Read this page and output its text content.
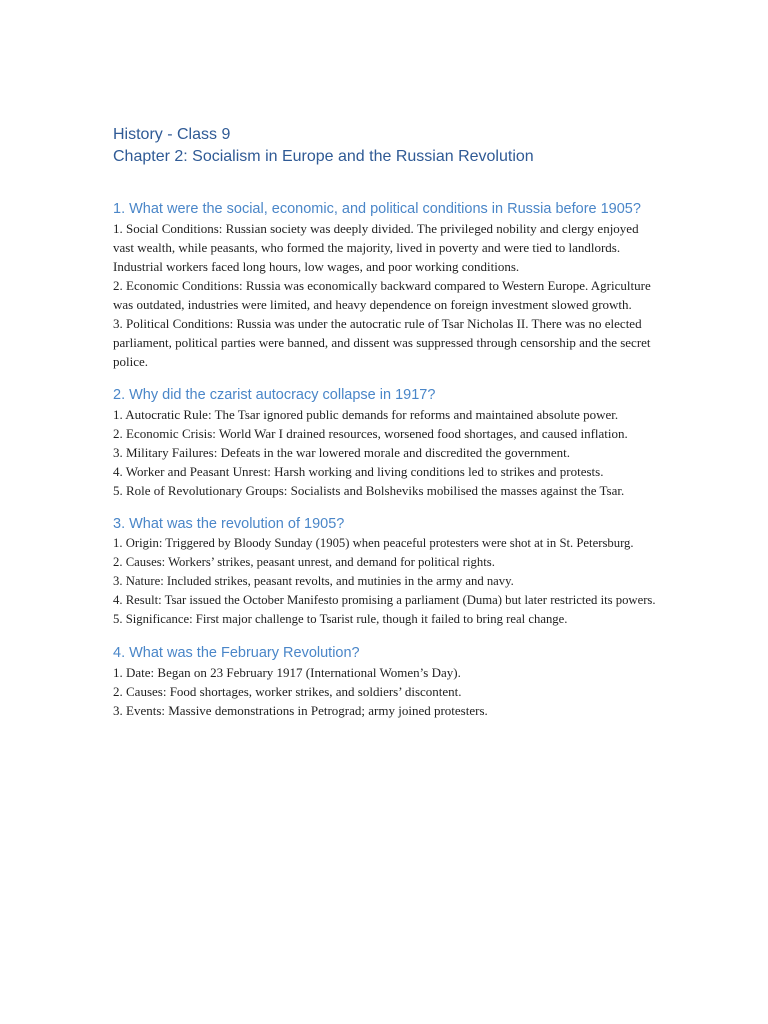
History - Class 9
Chapter 2: Socialism in Europe and the Russian Revolution
1. What were the social, economic, and political conditions in Russia before 1905?
1. Social Conditions: Russian society was deeply divided. The privileged nobility and clergy enjoyed vast wealth, while peasants, who formed the majority, lived in poverty and were tied to landlords. Industrial workers faced long hours, low wages, and poor working conditions.
2. Economic Conditions: Russia was economically backward compared to Western Europe. Agriculture was outdated, industries were limited, and heavy dependence on foreign investment slowed growth.
3. Political Conditions: Russia was under the autocratic rule of Tsar Nicholas II. There was no elected parliament, political parties were banned, and dissent was suppressed through censorship and the secret police.
2. Why did the czarist autocracy collapse in 1917?
1. Autocratic Rule: The Tsar ignored public demands for reforms and maintained absolute power.
2. Economic Crisis: World War I drained resources, worsened food shortages, and caused inflation.
3. Military Failures: Defeats in the war lowered morale and discredited the government.
4. Worker and Peasant Unrest: Harsh working and living conditions led to strikes and protests.
5. Role of Revolutionary Groups: Socialists and Bolsheviks mobilised the masses against the Tsar.
3. What was the revolution of 1905?
1. Origin: Triggered by Bloody Sunday (1905) when peaceful protesters were shot at in St. Petersburg.
2. Causes: Workers’ strikes, peasant unrest, and demand for political rights.
3. Nature: Included strikes, peasant revolts, and mutinies in the army and navy.
4. Result: Tsar issued the October Manifesto promising a parliament (Duma) but later restricted its powers.
5. Significance: First major challenge to Tsarist rule, though it failed to bring real change.
4. What was the February Revolution?
1. Date: Began on 23 February 1917 (International Women’s Day).
2. Causes: Food shortages, worker strikes, and soldiers’ discontent.
3. Events: Massive demonstrations in Petrograd; army joined protesters.
